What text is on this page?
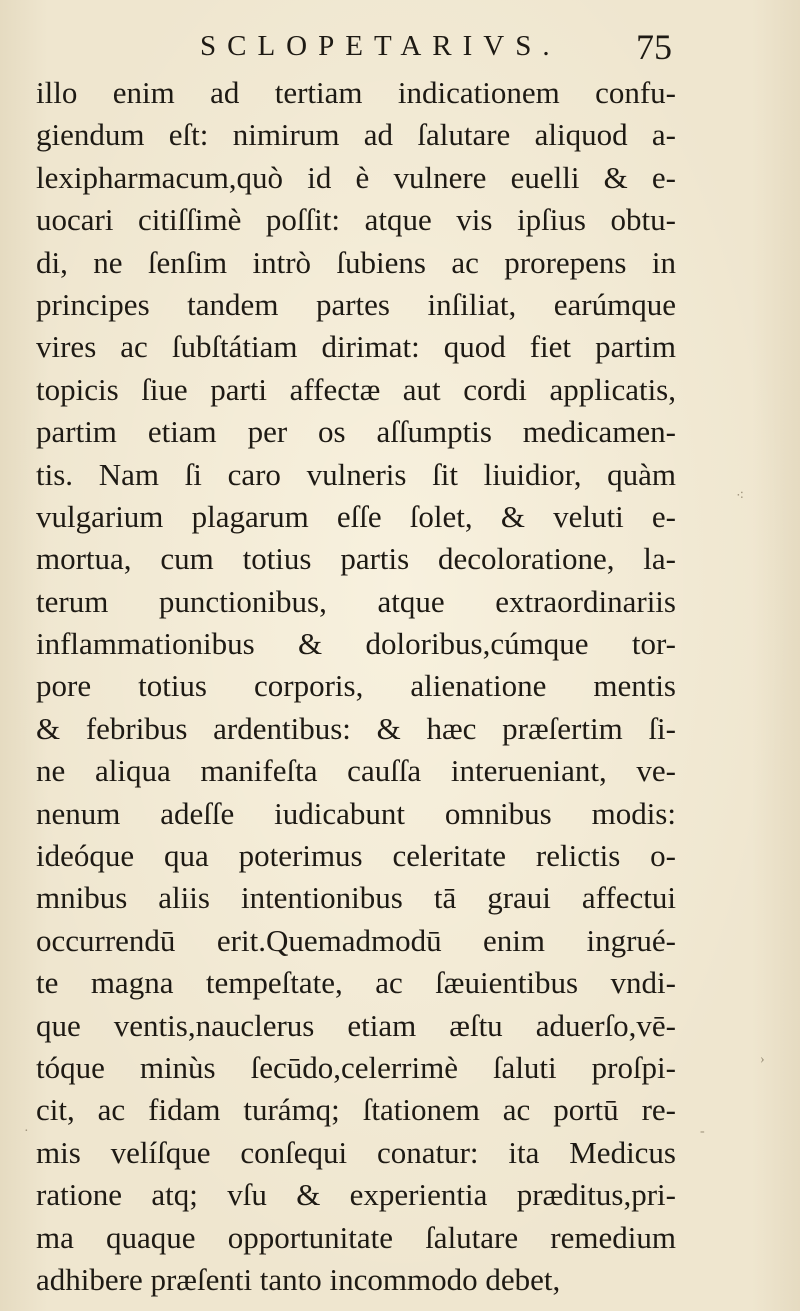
SCLOPETARIVS. 75
illo enim ad tertiam indicationem confu-
giendum eſt: nimirum ad ſalutare aliquod a-
lexipharmacum,quò id è vulnere euelli & e-
uocari citiſſimè poſſit: atque vis ipſius obtu-
di, ne ſenſim intrò ſubiens ac prorepens in
principes tandem partes inſiliat, earúmque
vires ac ſubſtátiam dirimat: quod fiet partim
topicis ſiue parti affectæ aut cordi applicatis,
partim etiam per os aſſumptis medicamen-
tis. Nam ſi caro vulneris ſit liuidior, quàm
vulgarium plagarum eſſe ſolet, & veluti e-
mortua, cum totius partis decoloratione, la-
terum punctionibus, atque extraordinariis
inflammationibus & doloribus,cúmque tor-
pore totius corporis, alienatione mentis
& febribus ardentibus: & hæc præſertim ſi-
ne aliqua manifeſta cauſſa interueniant, ve-
nenum adeſſe iudicabunt omnibus modis:
ideóque qua poterimus celeritate relictis o-
mnibus aliis intentionibus tā graui affectui
occurrendū erit.Quemadmodū enim ingrué-
te magna tempeſtate, ac ſæuientibus vndi-
que ventis,nauclerus etiam æſtu aduerſo,vē-
tóque minùs ſecūdo,celerrimè ſaluti proſpi-
cit, ac fidam turámq; ſtationem ac portū re-
mis velíſque conſequi conatur: ita Medicus
ratione atq; vſu & experientia præditus,pri-
ma quaque opportunitate ſalutare remedium
adhibere præſenti tanto incommodo debet,
⁖
›
-
·
